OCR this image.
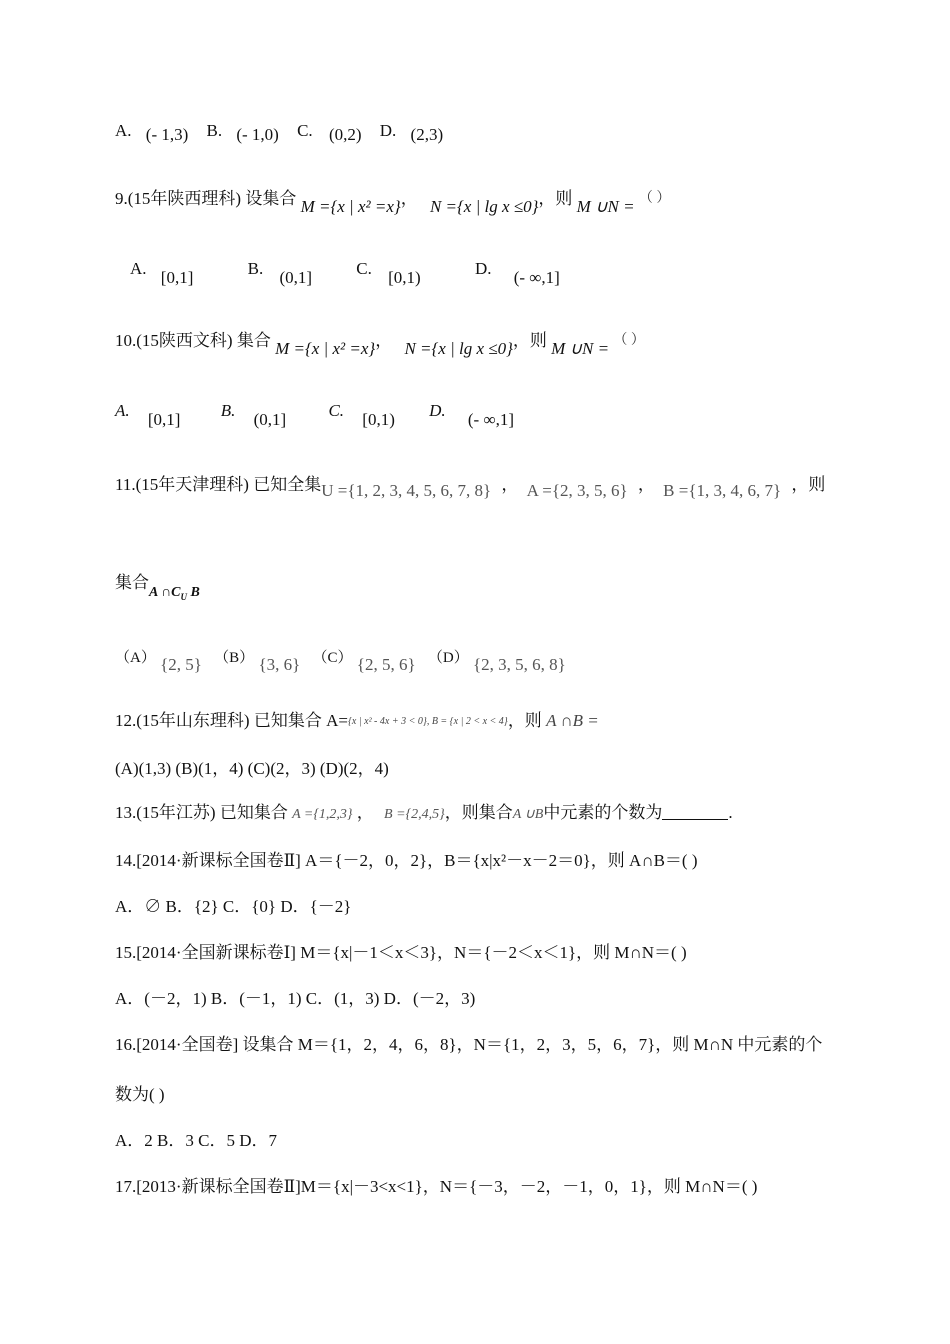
A. (- 1,3) B. (- 1,0) C. (0,2) D. (2,3)
9.(15年陕西理科) 设集合 M ={x | x² =x}， N ={x | lg x ≤0}，则 M ∪N = （ ）
A. [0,1]	B. (0,1]	C. [0,1)	D. (- ∞,1]
10.(15陕西文科) 集合 M ={x | x² =x}， N ={x | lg x ≤0}，则 M ∪N = （ ）
A. [0,1] B. (0,1] C. [0,1) D. (- ∞,1]
11.(15年天津理科) 已知全集U ={1, 2, 3, 4, 5, 6, 7, 8} ， A ={2, 3, 5, 6} ， B ={1, 3, 4, 6, 7} ，则
集合$_{A \cap C_U B}$
（A） {2, 5} （B） {3, 6} （C） {2, 5, 6} （D） {2, 3, 5, 6, 8}
12.(15年山东理科) 已知集合 A={x | x² - 4x + 3 < 0}, B = {x | 2 < x < 4}，则 A ∩B =
(A)(1,3) (B)(1，4) (C)(2，3) (D)(2，4)
13.(15年江苏) 已知集合 A ={1,2,3} ， B ={2,4,5}，则集合A ∪B中元素的个数为	.
14.[2014·新课标全国卷Ⅱ] A＝{－2，0，2}，B＝{x|x²－x－2＝0}，则 A∩B＝( )
A．∅ B．{2} C．{0} D．{－2}
15.[2014·全国新课标卷Ⅰ] M＝{x|－1＜x＜3}，N＝{－2＜x＜1}，则 M∩N＝( )
A．(－2，1) B．(－1，1) C．(1，3) D．(－2，3)
16.[2014·全国卷] 设集合 M＝{1，2，4，6，8}，N＝{1，2，3，5，6，7}，则 M∩N 中元素的个
数为( )
A．2 B．3 C．5 D．7
17.[2013·新课标全国卷Ⅱ]M＝{x|－3<x<1}，N＝{－3，－2，－1，0，1}，则 M∩N＝( )
